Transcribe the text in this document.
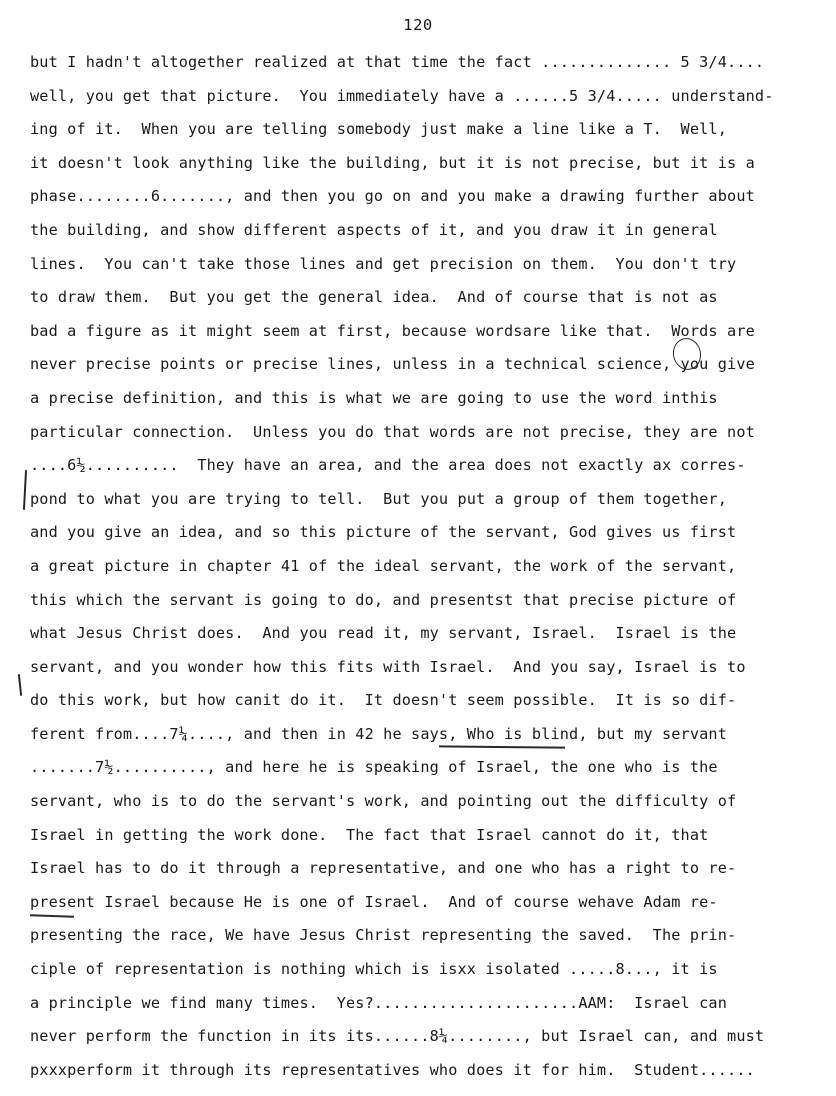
120
but I hadn't altogether realized at that time the fact .............. 5 3/4....
well, you get that picture.  You immediately have a ......5 3/4..... understand-
ing of it.  When you are telling somebody just make a line like a T.  Well,
it doesn't look anything like the building, but it is not precise, but it is a
phase........6......., and then you go on and you make a drawing further about
the building, and show different aspects of it, and you draw it in general
lines.  You can't take those lines and get precision on them.  You don't try
to draw them.  But you get the general idea.  And of course that is not as
bad a figure as it might seem at first, because wordsare like that.  Words are
never precise points or precise lines, unless in a technical science, you give
a precise definition, and this is what we are going to use the word inthis
particular connection.  Unless you do that words are not precise, they are not
....6½..........  They have an area, and the area does not exactly ax corres-
pond to what you are trying to tell.  But you put a group of them together,
and you give an idea, and so this picture of the servant, God gives us first
a great picture in chapter 41 of the ideal servant, the work of the servant,
this which the servant is going to do, and presentst that precise picture of
what Jesus Christ does.  And you read it, my servant, Israel.  Israel is the
servant, and you wonder how this fits with Israel.  And you say, Israel is to
do this work, but how canit do it.  It doesn't seem possible.  It is so dif-
ferent from....7¼...., and then in 42 he says, Who is blind, but my servant
.......7½.........., and here he is speaking of Israel, the one who is the
servant, who is to do the servant's work, and pointing out the difficulty of
Israel in getting the work done.  The fact that Israel cannot do it, that
Israel has to do it through a representative, and one who has a right to re-
present Israel because He is one of Israel.  And of course wehave Adam re-
presenting the race, We have Jesus Christ representing the saved.  The prin-
ciple of representation is nothing which is isxx isolated .....8..., it is
a principle we find many times.  Yes?......................AAM:  Israel can
never perform the function in its its......8¼........, but Israel can, and must
pxxxperform it through its representatives who does it for him.  Student......
